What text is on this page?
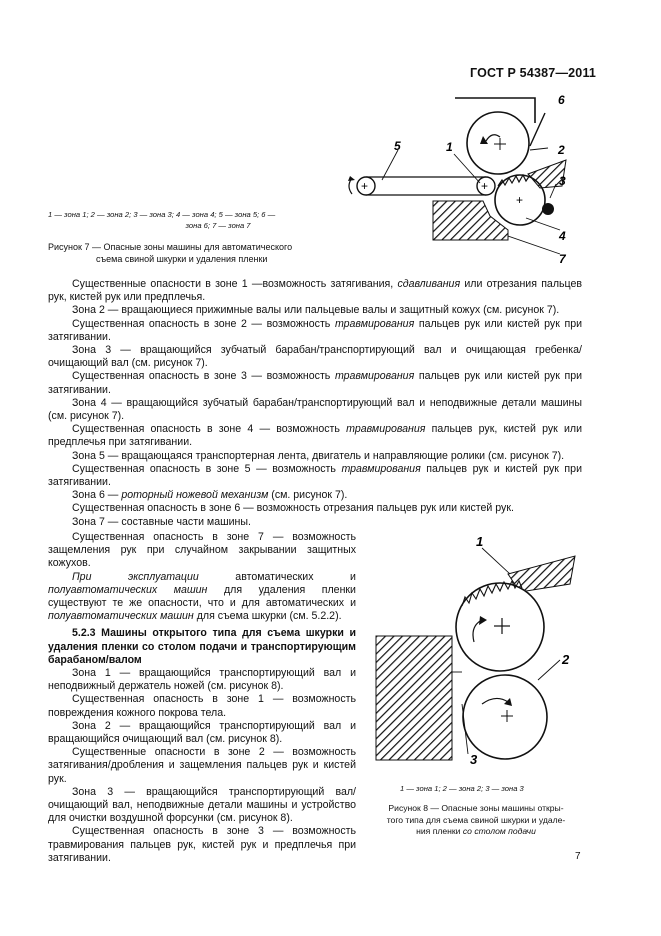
ГОСТ Р 54387—2011
+	+
+
6
2
5	1
3
4
7
1 — зона 1; 2 — зона 2; 3 — зона 3; 4 — зона 4; 5 — зона 5; 6 —
зона 6; 7 — зона 7
Рисунок 7 — Опасные зоны машины для автоматического
съема свиной шкурки и удаления пленки

Существенные опасности в зоне 1 —возможность затягивания, сдавливания или отрезания пальцев рук, кистей рук или предплечья.

Зона 2 — вращающиеся прижимные валы или пальцевые валы и защитный кожух (см. рисунок 7).

Существенная опасность в зоне 2 — возможность травмирования пальцев рук или кистей рук при затягивании.

Зона 3 — вращающийся зубчатый барабан/транспортирующий вал и очищающая гребенка/очищающий вал (см. рисунок 7).

Существенная опасность в зоне 3 — возможность травмирования пальцев рук или кистей рук при затягивании.

Зона 4 — вращающийся зубчатый барабан/транспортирующий вал и неподвижные детали машины (см. рисунок 7).

Существенная опасность в зоне 4 — возможность травмирования пальцев рук, кистей рук или предплечья при затягивании.

Зона 5 — вращающаяся транспортерная лента, двигатель и направляющие ролики (см. рисунок 7).

Существенная опасность в зоне 5 — возможность травмирования пальцев рук и кистей рук при затягивании.

Зона 6 — роторный ножевой механизм (см. рисунок 7).

Существенная опасность в зоне 6 — возможность отрезания пальцев рук или кистей рук.

Зона 7 — составные части машины.

Существенная опасность в зоне 7 — возможность защемления рук при случайном закрывании защитных кожухов.

При эксплуатации автоматических и полуавтоматических машин для удаления пленки существуют те же опасности, что и для автоматических и полуавтоматических машин для съема шкурки (см. 5.2.2).

5.2.3 Машины открытого типа для съема шкурки и удаления пленки со столом подачи и транспортирующим барабаном/валом

Зона 1 — вращающийся транспортирующий вал и неподвижный держатель ножей (см. рисунок 8).

Существенная опасность в зоне 1 — возможность повреждения кожного покрова тела.

Зона 2 — вращающийся транспортирующий вал и вращающийся очищающий вал (см. рисунок 8).

Существенные опасности в зоне 2 — возможность затягивания/дробления и защемления пальцев рук и кистей рук.

Зона 3 — вращающийся транспортирующий вал/очищающий вал, неподвижные детали машины и устройство для очистки воздушной форсунки (см. рисунок 8).

Существенная опасность в зоне 3 — возможность травмирования пальцев рук, кистей рук и предплечья при затягивании.

1
2
3
1 — зона 1; 2 — зона 2; 3 — зона 3
Рисунок 8 — Опасные зоны машины откры-
того типа для съема свиной шкурки и удале-
ния пленки со столом подачи
7
